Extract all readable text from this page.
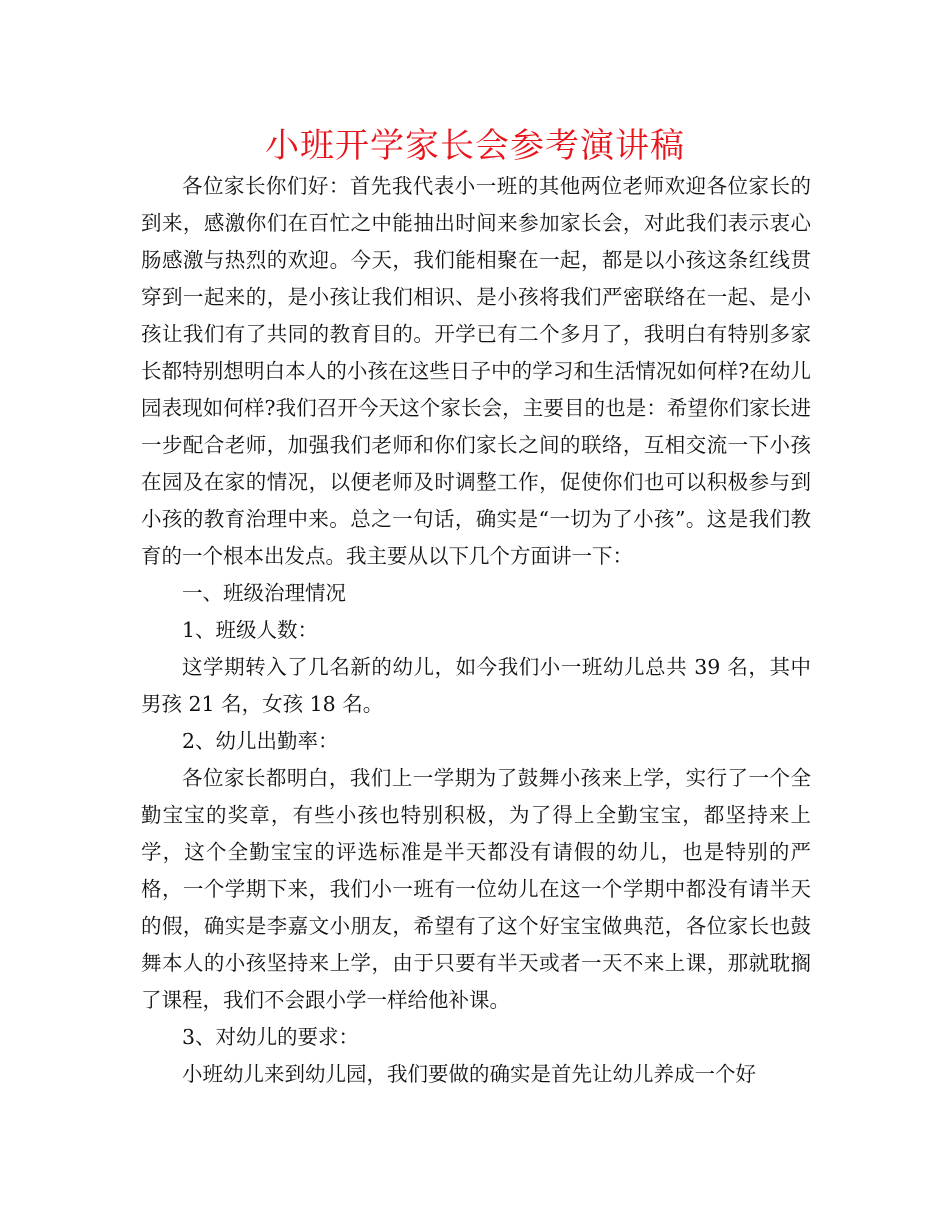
小班开学家长会参考演讲稿

各位家长你们好：首先我代表小一班的其他两位老师欢迎各位家长的到来，感激你们在百忙之中能抽出时间来参加家长会，对此我们表示衷心肠感激与热烈的欢迎。今天，我们能相聚在一起，都是以小孩这条红线贯穿到一起来的，是小孩让我们相识、是小孩将我们严密联络在一起、是小孩让我们有了共同的教育目的。开学已有二个多月了，我明白有特别多家长都特别想明白本人的小孩在这些日子中的学习和生活情况如何样?在幼儿园表现如何样?我们召开今天这个家长会，主要目的也是：希望你们家长进一步配合老师，加强我们老师和你们家长之间的联络，互相交流一下小孩在园及在家的情况，以便老师及时调整工作，促使你们也可以积极参与到小孩的教育治理中来。总之一句话，确实是“一切为了小孩”。这是我们教育的一个根本出发点。我主要从以下几个方面讲一下：

一、班级治理情况

1、班级人数：

这学期转入了几名新的幼儿，如今我们小一班幼儿总共 39 名，其中男孩 21 名，女孩 18 名。

2、幼儿出勤率：

各位家长都明白，我们上一学期为了鼓舞小孩来上学，实行了一个全勤宝宝的奖章，有些小孩也特别积极，为了得上全勤宝宝，都坚持来上学，这个全勤宝宝的评选标准是半天都没有请假的幼儿，也是特别的严格，一个学期下来，我们小一班有一位幼儿在这一个学期中都没有请半天的假，确实是李嘉文小朋友，希望有了这个好宝宝做典范，各位家长也鼓舞本人的小孩坚持来上学，由于只要有半天或者一天不来上课，那就耽搁了课程，我们不会跟小学一样给他补课。

3、对幼儿的要求：

小班幼儿来到幼儿园，我们要做的确实是首先让幼儿养成一个好
